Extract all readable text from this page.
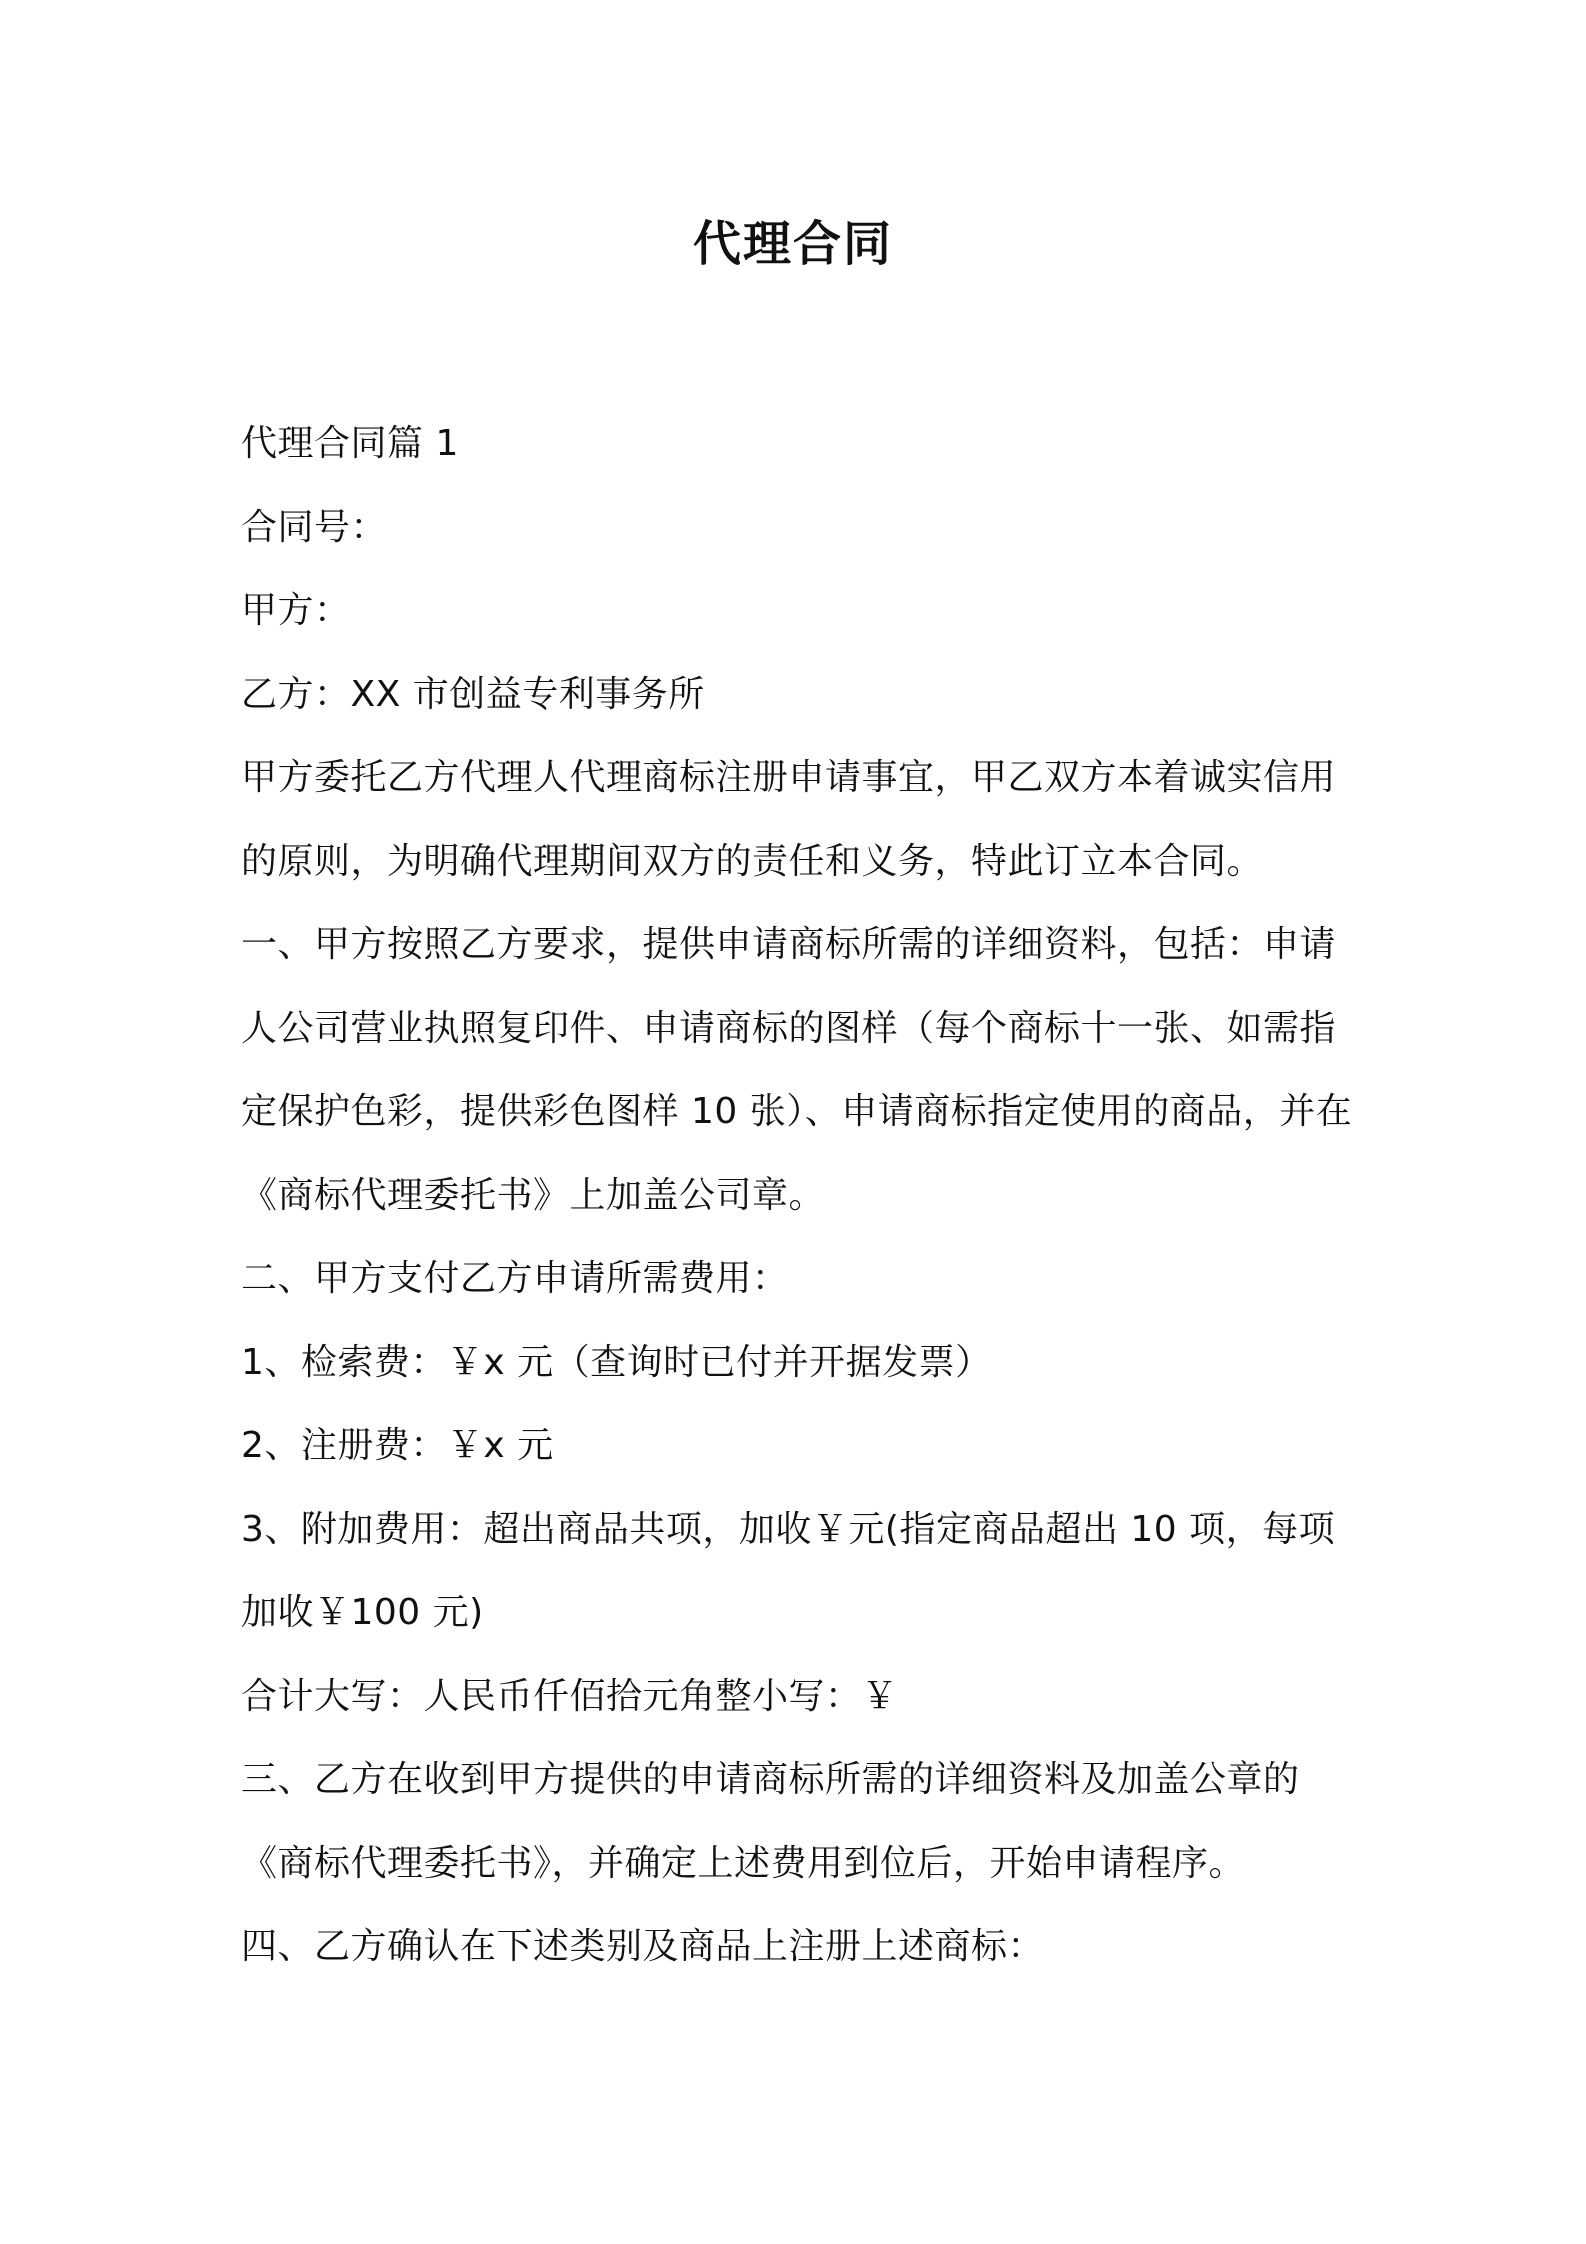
代理合同

代理合同篇 1

合同号：

甲方：

乙方：XX 市创益专利事务所

甲方委托乙方代理人代理商标注册申请事宜，甲乙双方本着诚实信用

的原则，为明确代理期间双方的责任和义务，特此订立本合同。

一、甲方按照乙方要求，提供申请商标所需的详细资料，包括：申请

人公司营业执照复印件、申请商标的图样（每个商标十一张、如需指

定保护色彩，提供彩色图样 10 张）、申请商标指定使用的商品，并在

《商标代理委托书》上加盖公司章。

二、甲方支付乙方申请所需费用：

1、检索费：￥x 元（查询时已付并开据发票）

2、注册费：￥x 元

3、附加费用：超出商品共项，加收￥元(指定商品超出 10 项，每项

加收￥100 元)

合计大写：人民币仟佰拾元角整小写：￥

三、乙方在收到甲方提供的申请商标所需的详细资料及加盖公章的

《商标代理委托书》，并确定上述费用到位后，开始申请程序。

四、乙方确认在下述类别及商品上注册上述商标：
